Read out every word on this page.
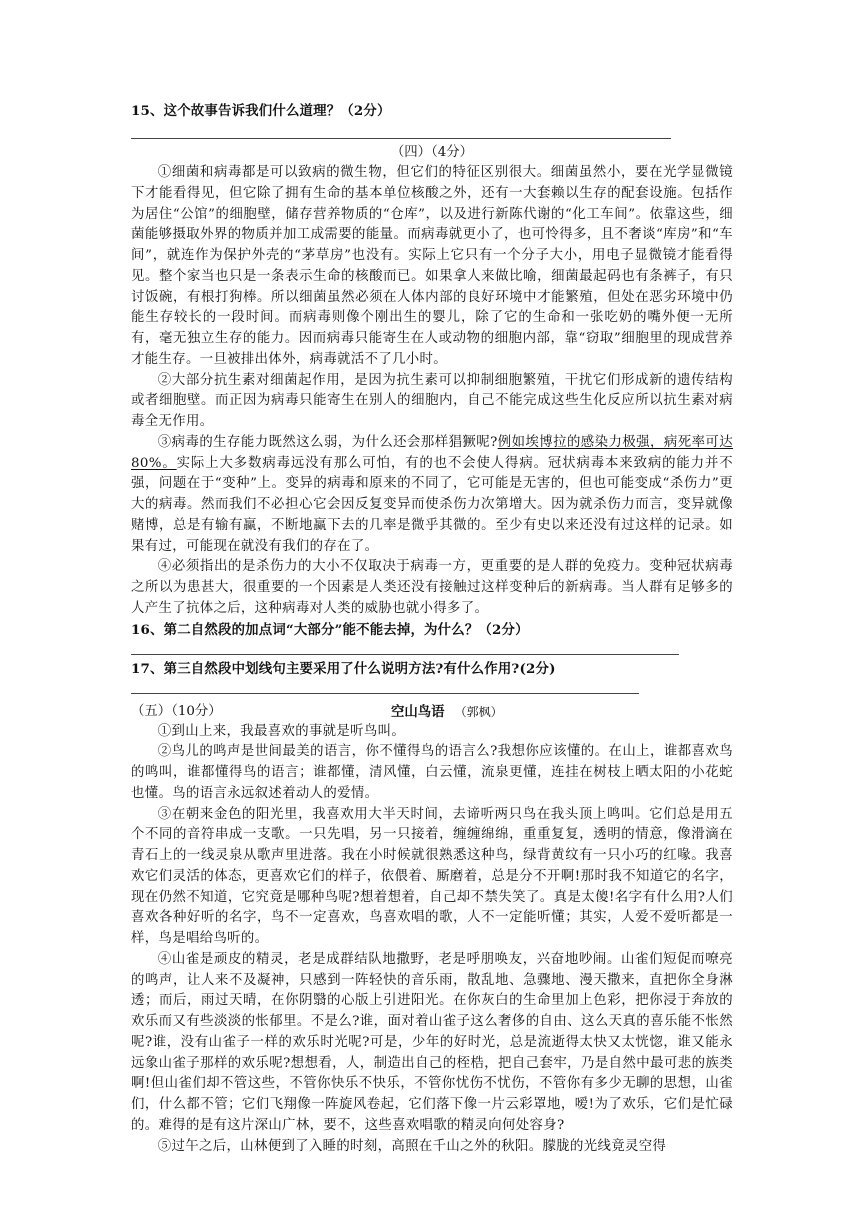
15、这个故事告诉我们什么道理？（2分）
（四）（4分）

①细菌和病毒都是可以致病的微生物，但它们的特征区别很大。细菌虽然小，要在光学显微镜下才能看得见，但它除了拥有生命的基本单位核酸之外，还有一大套赖以生存的配套设施。包括作为居住“公馆”的细胞壁，储存营养物质的“仓库”，以及进行新陈代谢的“化工车间”。依靠这些，细菌能够摄取外界的物质并加工成需要的能量。而病毒就更小了，也可怜得多，且不奢谈“库房”和“车间”，就连作为保护外壳的“茅草房”也没有。实际上它只有一个分子大小，用电子显微镜才能看得见。整个家当也只是一条表示生命的核酸而已。如果拿人来做比喻，细菌最起码也有条裤子，有只讨饭碗，有根打狗棒。所以细菌虽然必须在人体内部的良好环境中才能繁殖，但处在恶劣环境中仍能生存较长的一段时间。而病毒则像个刚出生的婴儿，除了它的生命和一张吃奶的嘴外便一无所有，毫无独立生存的能力。因而病毒只能寄生在人或动物的细胞内部，靠“窃取”细胞里的现成营养才能生存。一旦被排出体外，病毒就活不了几小时。

②大部分抗生素对细菌起作用，是因为抗生素可以抑制细胞繁殖，干扰它们形成新的遗传结构或者细胞壁。而正因为病毒只能寄生在别人的细胞内，自己不能完成这些生化反应所以抗生素对病毒全无作用。

③病毒的生存能力既然这么弱，为什么还会那样猖獗呢?例如埃博拉的感染力极强，病死率可达80%。实际上大多数病毒远没有那么可怕，有的也不会使人得病。冠状病毒本来致病的能力并不强，问题在于“变种”上。变异的病毒和原来的不同了，它可能是无害的，但也可能变成“杀伤力”更大的病毒。然而我们不必担心它会因反复变异而使杀伤力次第增大。因为就杀伤力而言，变异就像赌博，总是有输有赢，不断地赢下去的几率是微乎其微的。至少有史以来还没有过这样的记录。如果有过，可能现在就没有我们的存在了。

④必须指出的是杀伤力的大小不仅取决于病毒一方，更重要的是人群的免疫力。变种冠状病毒之所以为患甚大，很重要的一个因素是人类还没有接触过这样变种后的新病毒。当人群有足够多的人产生了抗体之后，这种病毒对人类的威胁也就小得多了。

16、第二自然段的加点词“大部分”能不能去掉，为什么？（2分）
17、第三自然段中划线句主要采用了什么说明方法?有什么作用?(2分)
（五）（10分）	空山鸟语 （郭枫）

①到山上来，我最喜欢的事就是听鸟叫。

②鸟儿的鸣声是世间最美的语言，你不懂得鸟的语言么?我想你应该懂的。在山上，谁都喜欢鸟的鸣叫，谁都懂得鸟的语言；谁都懂，清风懂，白云懂，流泉更懂，连挂在树枝上晒太阳的小花蛇也懂。鸟的语言永远叙述着动人的爱情。

③在朝来金色的阳光里，我喜欢用大半天时间，去谛听两只鸟在我头顶上鸣叫。它们总是用五个不同的音符串成一支歌。一只先唱，另一只接着，缠缠绵绵，重重复复，透明的情意，像滑滴在青石上的一线灵泉从歌声里进落。我在小时候就很熟悉这种鸟，绿背黄纹有一只小巧的红喙。我喜欢它们灵活的体态，更喜欢它们的样子，依偎着、厮磨着，总是分不开啊!那时我不知道它的名字，现在仍然不知道，它究竟是哪种鸟呢?想着想着，自己却不禁失笑了。真是太傻!名字有什么用?人们喜欢各种好听的名字，鸟不一定喜欢，鸟喜欢唱的歌，人不一定能听懂；其实，人爱不爱听都是一样，鸟是唱给鸟听的。

④山雀是顽皮的精灵，老是成群结队地撒野，老是呼朋唤友，兴奋地吵闹。山雀们短促而嘹亮的鸣声，让人来不及凝神，只感到一阵轻快的音乐雨，散乱地、急骤地、漫天撒来，直把你全身淋透；而后，雨过天晴，在你阴翳的心版上引进阳光。在你灰白的生命里加上色彩，把你浸于奔放的欢乐而又有些淡淡的怅郁里。不是么?谁，面对着山雀子这么奢侈的自由、这么天真的喜乐能不怅然呢?谁，没有山雀子一样的欢乐时光呢?可是，少年的好时光，总是流逝得太快又太恍惚，谁又能永远象山雀子那样的欢乐呢?想想看，人，制造出自己的桎梏，把自己套牢，乃是自然中最可悲的族类啊!但山雀们却不管这些，不管你快乐不快乐，不管你忧伤不忧伤，不管你有多少无聊的思想，山雀们，什么都不管；它们飞翔像一阵旋风卷起，它们落下像一片云彩罩地，嗳!为了欢乐，它们是忙碌的。难得的是有这片深山广林，要不，这些喜欢唱歌的精灵向何处容身?

⑤过午之后，山林便到了入睡的时刻，高照在千山之外的秋阳。朦胧的光线竟灵空得
